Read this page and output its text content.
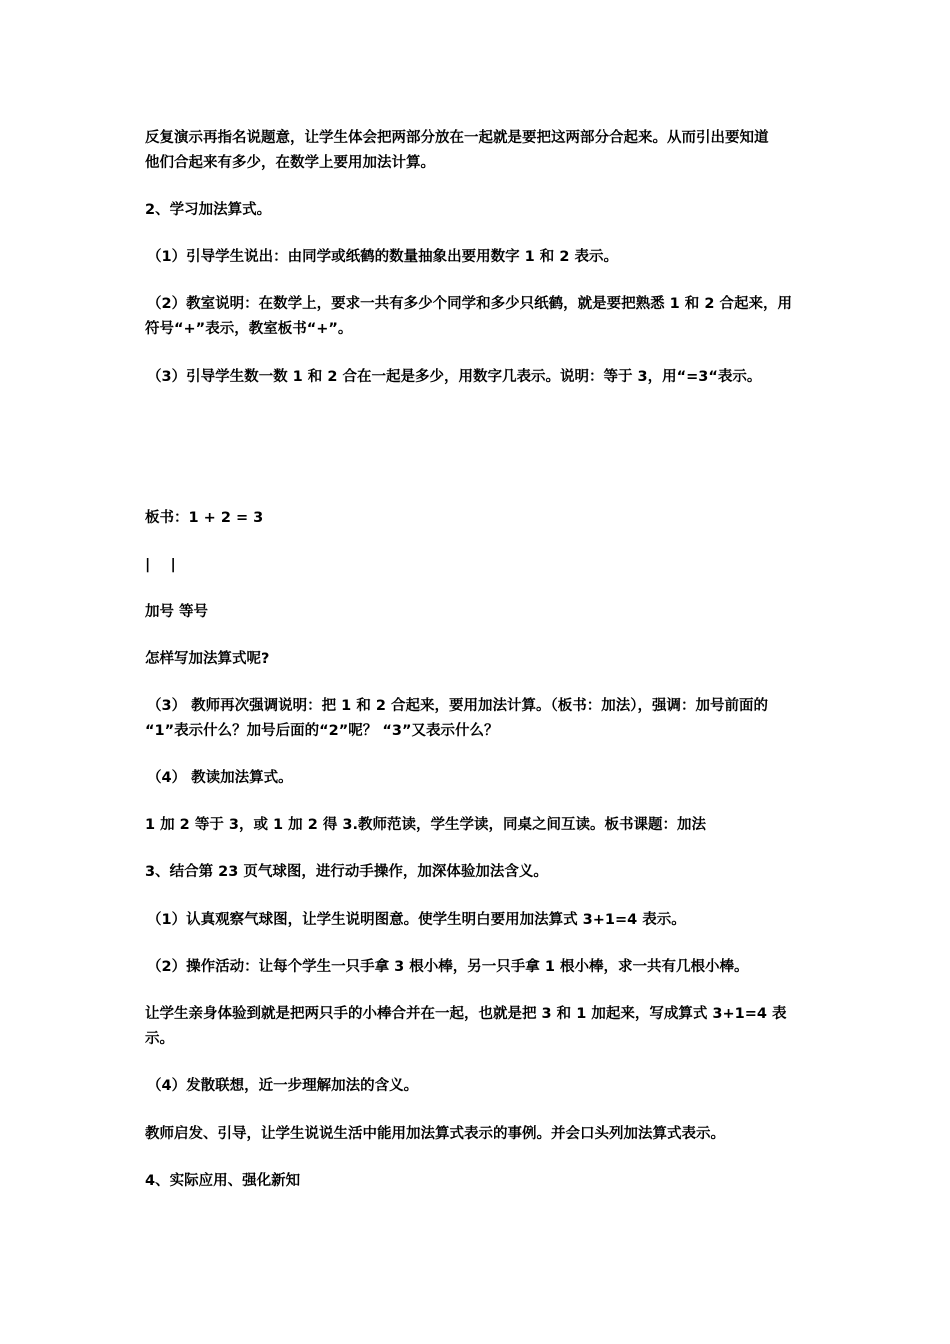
反复演示再指名说题意，让学生体会把两部分放在一起就是要把这两部分合起来。从而引出要知道
他们合起来有多少，在数学上要用加法计算。
2、学习加法算式。
（1）引导学生说出：由同学或纸鹤的数量抽象出要用数字 1 和 2 表示。
（2）教室说明：在数学上，要求一共有多少个同学和多少只纸鹤，就是要把熟悉 1 和 2 合起来，用
符号“+”表示，教室板书“+”。
（3）引导学生数一数 1 和 2 合在一起是多少，用数字几表示。说明：等于 3，用“=3“表示。
板书：1 + 2 = 3
|    |
加号 等号
怎样写加法算式呢?
（3） 教师再次强调说明：把 1 和 2 合起来，要用加法计算。（板书：加法），强调：加号前面的
“1”表示什么？加号后面的“2”呢？ “3”又表示什么？
（4） 教读加法算式。
1 加 2 等于 3，或 1 加 2 得 3.教师范读，学生学读，同桌之间互读。板书课题：加法
3、结合第 23 页气球图，进行动手操作，加深体验加法含义。
（1）认真观察气球图，让学生说明图意。使学生明白要用加法算式 3+1=4 表示。
（2）操作活动：让每个学生一只手拿 3 根小棒，另一只手拿 1 根小棒，求一共有几根小棒。
让学生亲身体验到就是把两只手的小棒合并在一起，也就是把 3 和 1 加起来，写成算式 3+1=4 表
示。
（4）发散联想，近一步理解加法的含义。
教师启发、引导，让学生说说生活中能用加法算式表示的事例。并会口头列加法算式表示。
4、实际应用、强化新知
